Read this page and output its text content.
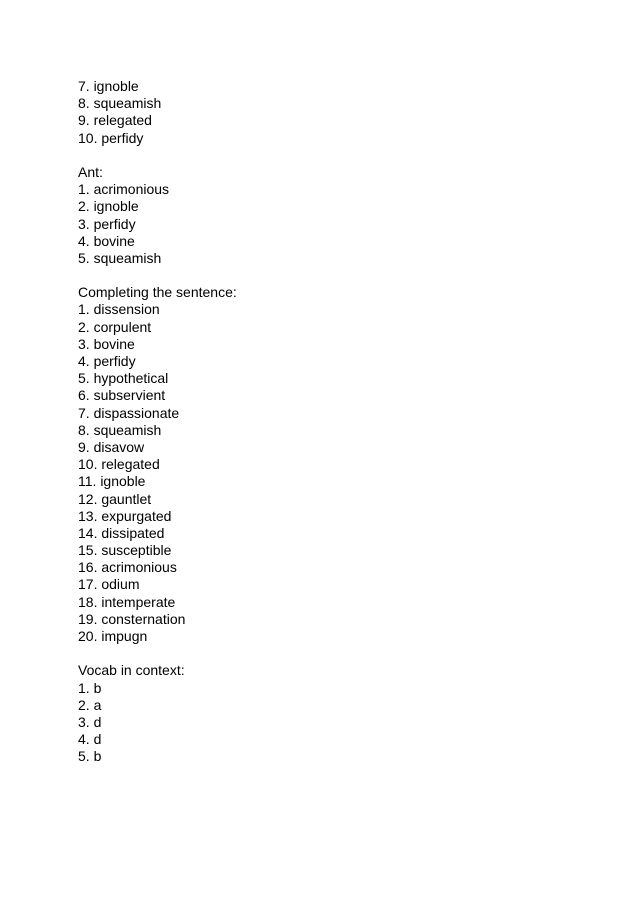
7. ignoble
8. squeamish
9. relegated
10. perfidy
Ant:
1. acrimonious
2. ignoble
3. perfidy
4. bovine
5. squeamish
Completing the sentence:
1. dissension
2. corpulent
3. bovine
4. perfidy
5. hypothetical
6. subservient
7. dispassionate
8. squeamish
9. disavow
10. relegated
11. ignoble
12. gauntlet
13. expurgated
14. dissipated
15. susceptible
16. acrimonious
17. odium
18. intemperate
19. consternation
20. impugn
Vocab in context:
1. b
2. a
3. d
4. d
5. b
